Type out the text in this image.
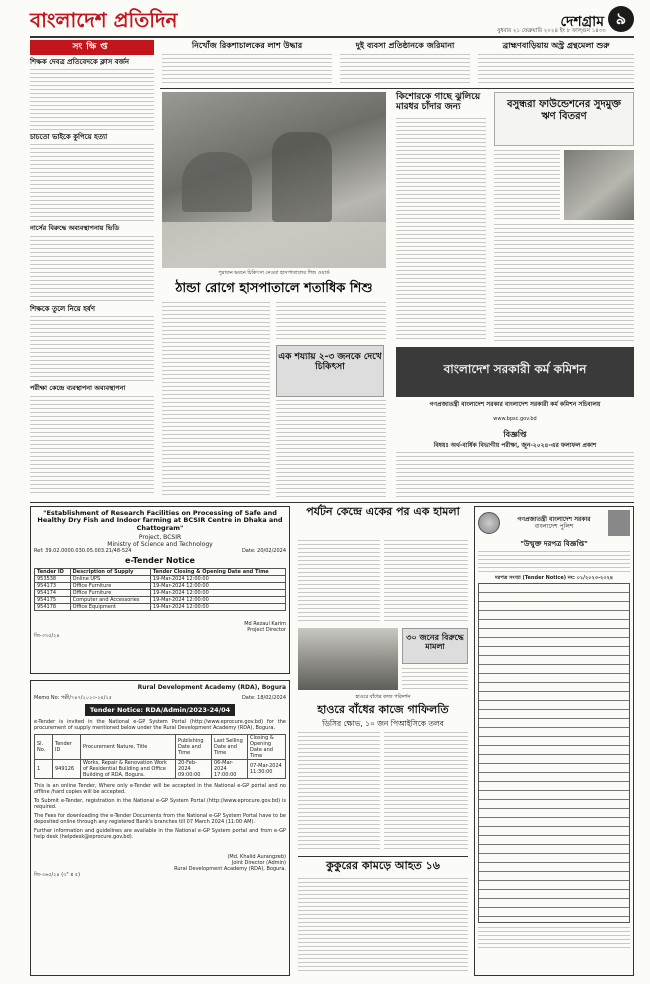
বাংলাদেশ প্রতিদিন	দেশগ্রাম ৯
বুধবার ২১ ফেব্রুয়ারি ২০২৪ ইং ৮ ফাল্গুন ১৪৩০
সংক্ষিপ্ত
শিক্ষক দেবত্র প্রতিবেদকে ক্লাস বর্জন
চাচতো ভাইকে কুপিয়ে হত্যা
নার্সের বিরুদ্ধে অব্যবস্থাপনায় ভিডি
শিক্ষকে তুলে নিয়ে হর্ষণ
পরীক্ষা কেন্দ্রে ব্যবস্থাপনা অব্যবস্থাপনা
নিখোঁজ রিকশাচালকের লাশ উদ্ধার	দুই ব্যবসা প্রতিষ্ঠানকে জরিমানা	ব্রাহ্মণবাড়িয়ায় অস্ট্র গ্রন্থমেলা শুরু
পুরাতন ভবনে চিকিৎসা নেওয়া হাসপাতালের শিশু ওয়ার্ড
ঠান্ডা রোগে হাসপাতালে শতাধিক শিশু
এক শয্যায় ২-৩ জনকে দেখে চিকিৎসা
কিশোরকে গাছে ঝুলিয়ে মারধর চাঁদার জন্য	বসুন্ধরা ফাউন্ডেশনের সুদমুক্ত ঋণ বিতরণ
বাংলাদেশ সরকারী কর্ম কমিশন
গণপ্রজাতন্ত্রী বাংলাদেশ সরকার বাংলাদেশ সরকারী কর্ম কমিশন সচিবালয়
www.bpsc.gov.bd
বিজ্ঞপ্তি
বিষয়ঃ অর্থ-বার্ষিক বিভাগীয় পরীক্ষা, জুন-২০২৪-এর ফলাফল প্রকাশ
"Establishment of Research Facilities on Processing of Safe and Healthy Dry Fish and Indoor farming at BCSIR Centre in Dhaka and Chattogram"
Project, BCSIR
Ministry of Science and Technology
Ref: 39.02.0000.030.05.003.21/48-524	Date: 20/02/2024
e-Tender Notice
Tender ID	Description of Supply	Tender Closing & Opening Date and Time
953538	Online UPS	19-Mar-2024 12:00:00
954173	Office Furniture	19-Mar-2024 12:00:00
954174	Office Furniture	19-Mar-2024 12:00:00
954175	Computer and Accessories	19-Mar-2024 12:00:00
954178	Office Equipment	19-Mar-2024 12:00:00
Md Rezaul Karim
Project Director
জি-৩৭৫/২৪
Rural Development Academy (RDA), Bogura
Memo No: পল্লী/৭৪৭/২০২৩-২৪/২৫	Date: 18/02/2024
Tender Notice: RDA/Admin/2023-24/04
e-Tender is invited in the National e-GP System Portal (http://www.eprocure.gov.bd) for the procurement of supply mentioned below under the Rural Development Academy (RDA), Bogura.
Sl. No.	Tender ID	Procurement Nature, Title	Publishing Date and Time	Last Selling Date and Time	Closing & Opening Date and Time
1	949126	Works, Repair & Renovation Work of Residential Building and Office Building of RDA, Bogura.	20-Feb-2024 09:00:00	06-Mar-2024 17:00:00	07-Mar-2024 11:30:00
This is an online Tender, Where only e-Tender will be accepted in the National e-GP portal and no offline /hard copies will be accepted.
To Submit e-Tender, registration in the National e-GP System Portal (http://www.eprocure.gov.bd) is required.
The Fees for downloading the e-Tender Documents from the National e-GP System Portal have to be deposited online through any registered Bank's branches till 07 March 2024 (11:00 AM).
Further information and guidelines are available in the National e-GP System portal and from e-GP help desk (helpdesk@eprocure.gov.bd).
(Md. Khalid Aurangzeb)
Joint Director (Admin)
Rural Development Academy (RDA), Bogura.
জি-৩৬৫/২৪ (৩" x ৫)
পর্যটন কেন্দ্রে একের পর এক হামলা
৩০ জনের বিরুদ্ধে মামলা
হাওরে বাঁধের কাজ পরিদর্শন
হাওরে বাঁধের কাজে গাফিলতি
ডিসির ক্ষোভ, ১০ জন পিআইসিকে তলব
কুকুরের কামড়ে আহত ১৬
গণপ্রজাতন্ত্রী বাংলাদেশ সরকার
বাংলাদেশ পুলিশ
"উন্মুক্ত দরপত্র বিজ্ঞপ্তি"
দরপত্র সংখ্যা (Tender Notice) নং: ০১/২০২৩-২০২৪
